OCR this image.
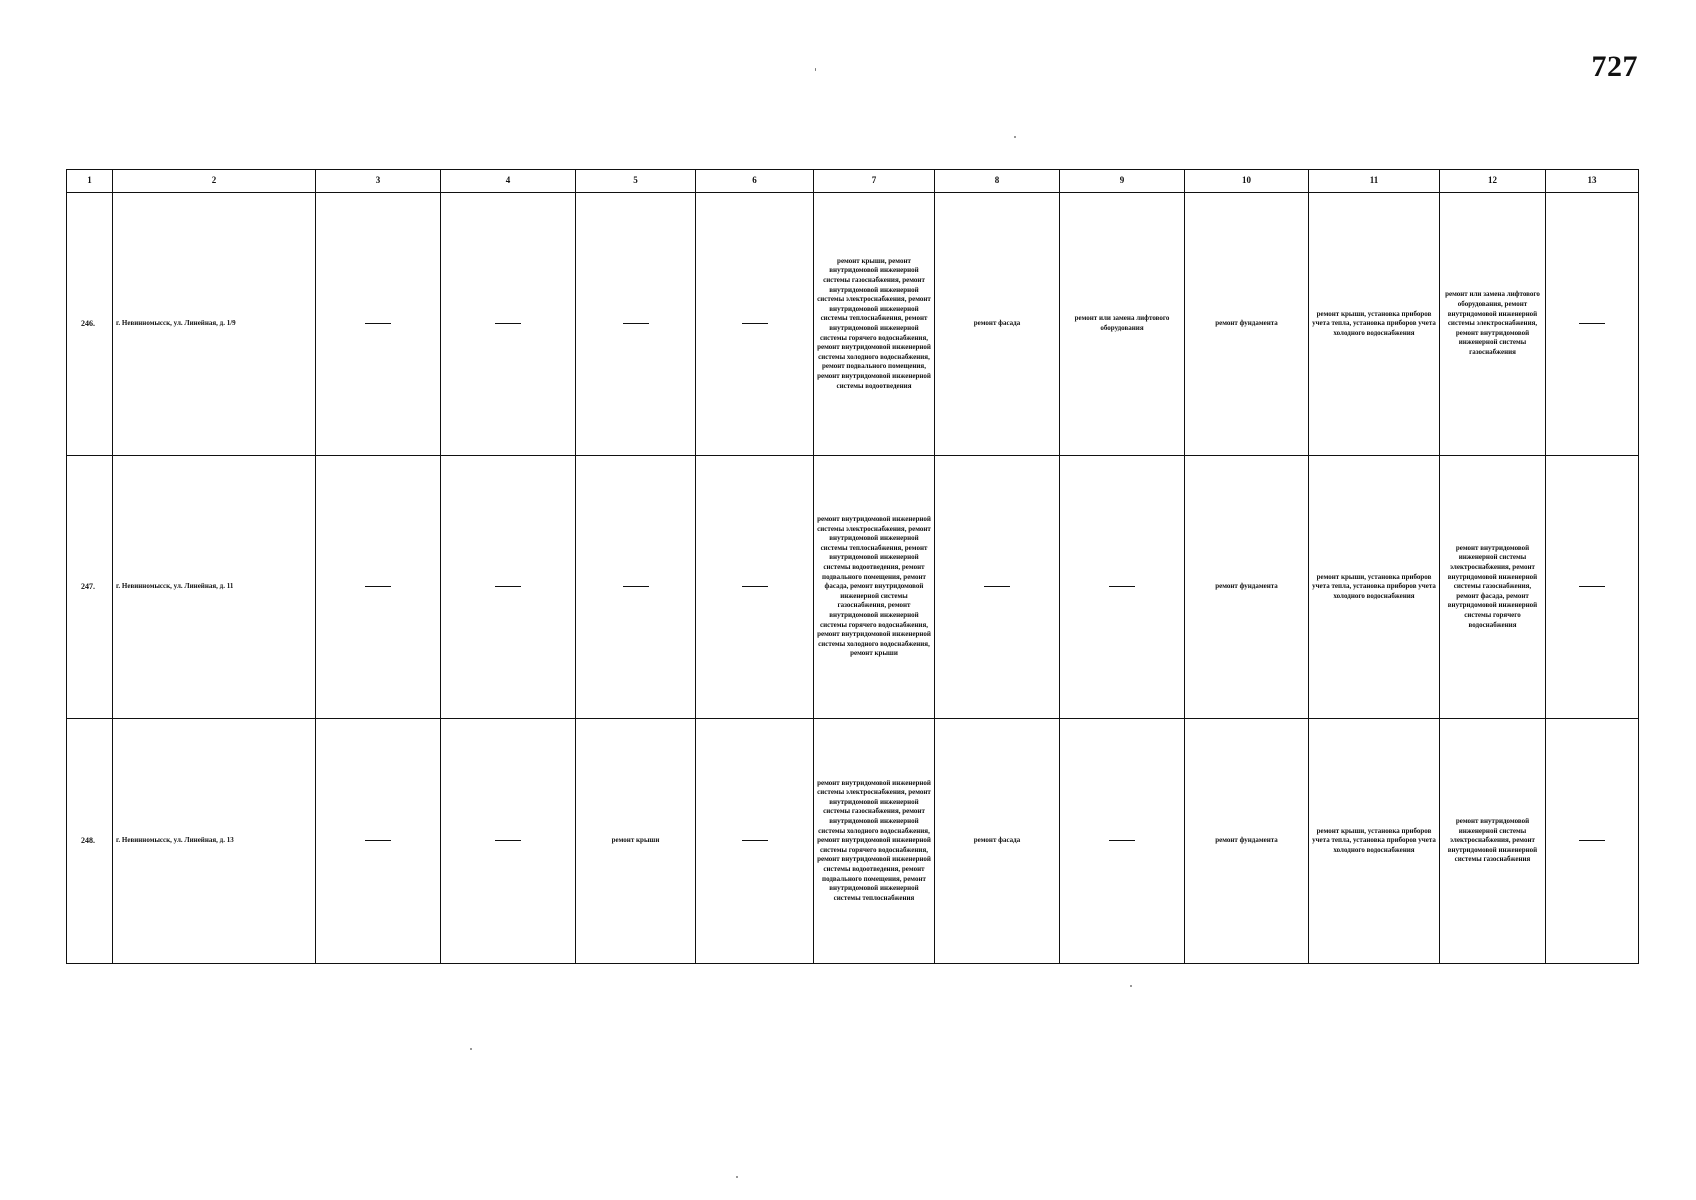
727
1	2	3	4	5	6	7	8	9	10	11	12	13
246.	г. Невинномысск, ул. Линейная, д. 1/9					ремонт крыши, ремонт внутридомовой инженерной системы газоснабжения, ремонт внутридомовой инженерной системы электроснабжения, ремонт внутридомовой инженерной системы теплоснабжения, ремонт внутридомовой инженерной системы горячего водоснабжения, ремонт внутридомовой инженерной системы холодного водоснабжения, ремонт подвального помещения, ремонт внутридомовой инженерной системы водоотведения	ремонт фасада	ремонт или замена лифтового оборудования	ремонт фундамента	ремонт крыши, установка приборов учета тепла, установка приборов учета холодного водоснабжения	ремонт или замена лифтового оборудования, ремонт внутридомовой инженерной системы электроснабжения, ремонт внутридомовой инженерной системы газоснабжения	
247.	г. Невинномысск, ул. Линейная, д. 11					ремонт внутридомовой инженерной системы электроснабжения, ремонт внутридомовой инженерной системы теплоснабжения, ремонт внутридомовой инженерной системы водоотведения, ремонт подвального помещения, ремонт фасада, ремонт внутридомовой инженерной системы газоснабжения, ремонт внутридомовой инженерной системы горячего водоснабжения, ремонт внутридомовой инженерной системы холодного водоснабжения, ремонт крыши			ремонт фундамента	ремонт крыши, установка приборов учета тепла, установка приборов учета холодного водоснабжения	ремонт внутридомовой инженерной системы электроснабжения, ремонт внутридомовой инженерной системы газоснабжения, ремонт фасада, ремонт внутридомовой инженерной системы горячего водоснабжения	
248.	г. Невинномысск, ул. Линейная, д. 13			ремонт крыши		ремонт внутридомовой инженерной системы электроснабжения, ремонт внутридомовой инженерной системы газоснабжения, ремонт внутридомовой инженерной системы холодного водоснабжения, ремонт внутридомовой инженерной системы горячего водоснабжения, ремонт внутридомовой инженерной системы водоотведения, ремонт подвального помещения, ремонт внутридомовой инженерной системы теплоснабжения	ремонт фасада		ремонт фундамента	ремонт крыши, установка приборов учета тепла, установка приборов учета холодного водоснабжения	ремонт внутридомовой инженерной системы электроснабжения, ремонт внутридомовой инженерной системы газоснабжения	
